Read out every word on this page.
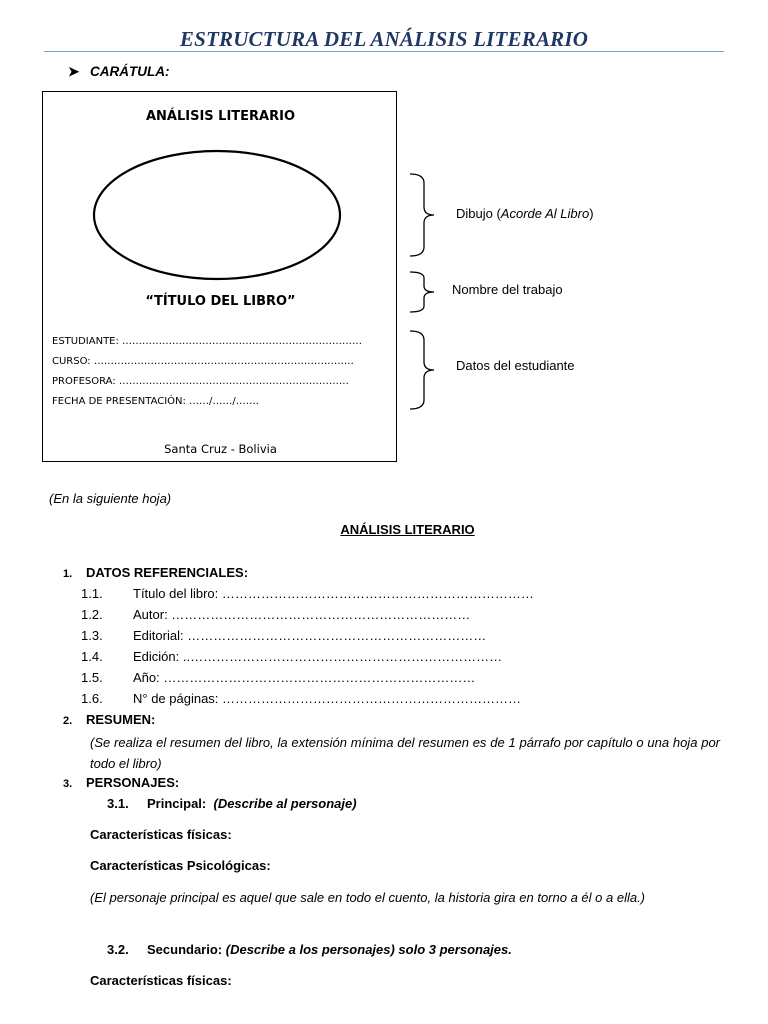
ESTRUCTURA DEL ANÁLISIS LITERARIO
➤ CARÁTULA:
ANÁLISIS LITERARIO
“TÍTULO DEL LIBRO”
ESTUDIANTE: ………………………………………………………………
CURSO: ……………………………………………………………………
PROFESORA: ……………………………………………………………
FECHA DE PRESENTACIÓN: ……/……/…….
Santa Cruz - Bolivia
Dibujo (Acorde Al Libro)
Nombre del trabajo
Datos del estudiante
(En la siguiente hoja)
ANÁLISIS LITERARIO
1. DATOS REFERENCIALES:
1.1. Título del libro: ………………………………………………………………
1.2. Autor: ……………………………………………………………
1.3. Editorial: ……………………………………………………………
1.4. Edición: ..………………………………………………………………
1.5. Año: ………………………………………………………………
1.6. N° de páginas: ……………………………………………………………
2. RESUMEN:
(Se realiza el resumen del libro, la extensión mínima del resumen es de 1 párrafo por capítulo o una hoja por todo el libro)
3. PERSONAJES:
3.1. Principal: (Describe al personaje)
Características físicas:
Características Psicológicas:
(El personaje principal es aquel que sale en todo el cuento, la historia gira en torno a él o a ella.)
3.2. Secundario: (Describe a los personajes) solo 3 personajes.
Características físicas:
